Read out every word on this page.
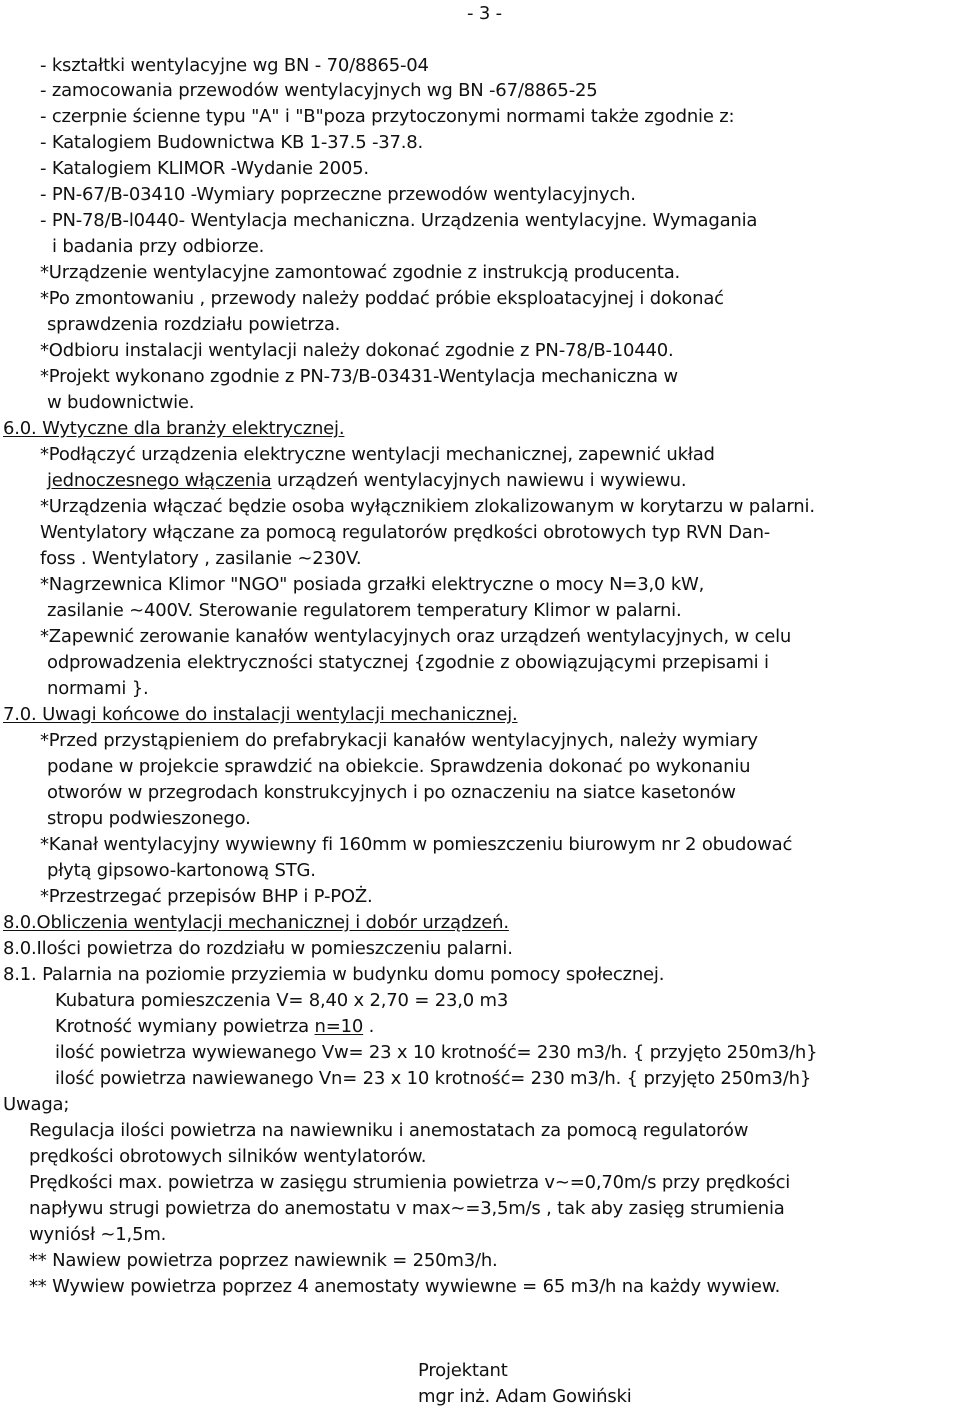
- 3 -
- kształtki wentylacyjne wg BN - 70/8865-04
- zamocowania przewodów wentylacyjnych wg BN -67/8865-25
- czerpnie ścienne typu "A" i "B"poza przytoczonymi normami także zgodnie z:
- Katalogiem Budownictwa KB 1-37.5 -37.8.
- Katalogiem KLIMOR -Wydanie 2005.
- PN-67/B-03410 -Wymiary poprzeczne przewodów wentylacyjnych.
- PN-78/B-l0440- Wentylacja mechaniczna. Urządzenia wentylacyjne. Wymagania
i badania przy odbiorze.
*Urządzenie wentylacyjne zamontować zgodnie z instrukcją producenta.
*Po zmontowaniu , przewody należy poddać próbie eksploatacyjnej i dokonać
sprawdzenia rozdziału powietrza.
*Odbioru instalacji wentylacji należy dokonać zgodnie z PN-78/B-10440.
*Projekt wykonano zgodnie z PN-73/B-03431-Wentylacja mechaniczna w
w budownictwie.
6.0. Wytyczne dla branży elektrycznej.
*Podłączyć urządzenia elektryczne wentylacji mechanicznej, zapewnić układ
jednoczesnego włączenia urządzeń wentylacyjnych nawiewu i wywiewu.
*Urządzenia włączać będzie osoba wyłącznikiem zlokalizowanym w korytarzu w palarni.
Wentylatory włączane za pomocą regulatorów prędkości obrotowych typ RVN Dan-
foss . Wentylatory , zasilanie ~230V.
*Nagrzewnica Klimor "NGO" posiada grzałki elektryczne o mocy N=3,0 kW,
zasilanie ~400V. Sterowanie regulatorem temperatury Klimor w palarni.
*Zapewnić zerowanie kanałów wentylacyjnych oraz urządzeń wentylacyjnych, w celu
odprowadzenia elektryczności statycznej {zgodnie z obowiązującymi przepisami i
normami }.
7.0. Uwagi końcowe do instalacji wentylacji mechanicznej.
*Przed przystąpieniem do prefabrykacji kanałów wentylacyjnych, należy wymiary
podane w projekcie sprawdzić na obiekcie. Sprawdzenia dokonać po wykonaniu
otworów w przegrodach konstrukcyjnych i po oznaczeniu na siatce kasetonów
stropu podwieszonego.
*Kanał wentylacyjny wywiewny fi 160mm w pomieszczeniu biurowym nr 2 obudować
płytą gipsowo-kartonową STG.
*Przestrzegać przepisów BHP i P-POŻ.
8.0.Obliczenia wentylacji mechanicznej i dobór urządzeń.
8.0.Ilości powietrza do rozdziału w pomieszczeniu palarni.
8.1. Palarnia na poziomie przyziemia w budynku domu pomocy społecznej.
Kubatura pomieszczenia V= 8,40 x 2,70 = 23,0 m3
Krotność wymiany powietrza n=10 .
ilość powietrza wywiewanego Vw= 23 x 10 krotność= 230 m3/h. { przyjęto 250m3/h}
ilość powietrza nawiewanego Vn= 23 x 10 krotność= 230 m3/h. { przyjęto 250m3/h}
Uwaga;
Regulacja ilości powietrza na nawiewniku i anemostatach za pomocą regulatorów
prędkości obrotowych silników wentylatorów.
Prędkości max. powietrza w zasięgu strumienia powietrza v~=0,70m/s przy prędkości
napływu strugi powietrza do anemostatu v max~=3,5m/s , tak aby zasięg strumienia
wyniósł ~1,5m.
** Nawiew powietrza poprzez nawiewnik = 250m3/h.
** Wywiew powietrza poprzez 4 anemostaty wywiewne = 65 m3/h na każdy wywiew.
Projektant
mgr inż. Adam Gowiński
